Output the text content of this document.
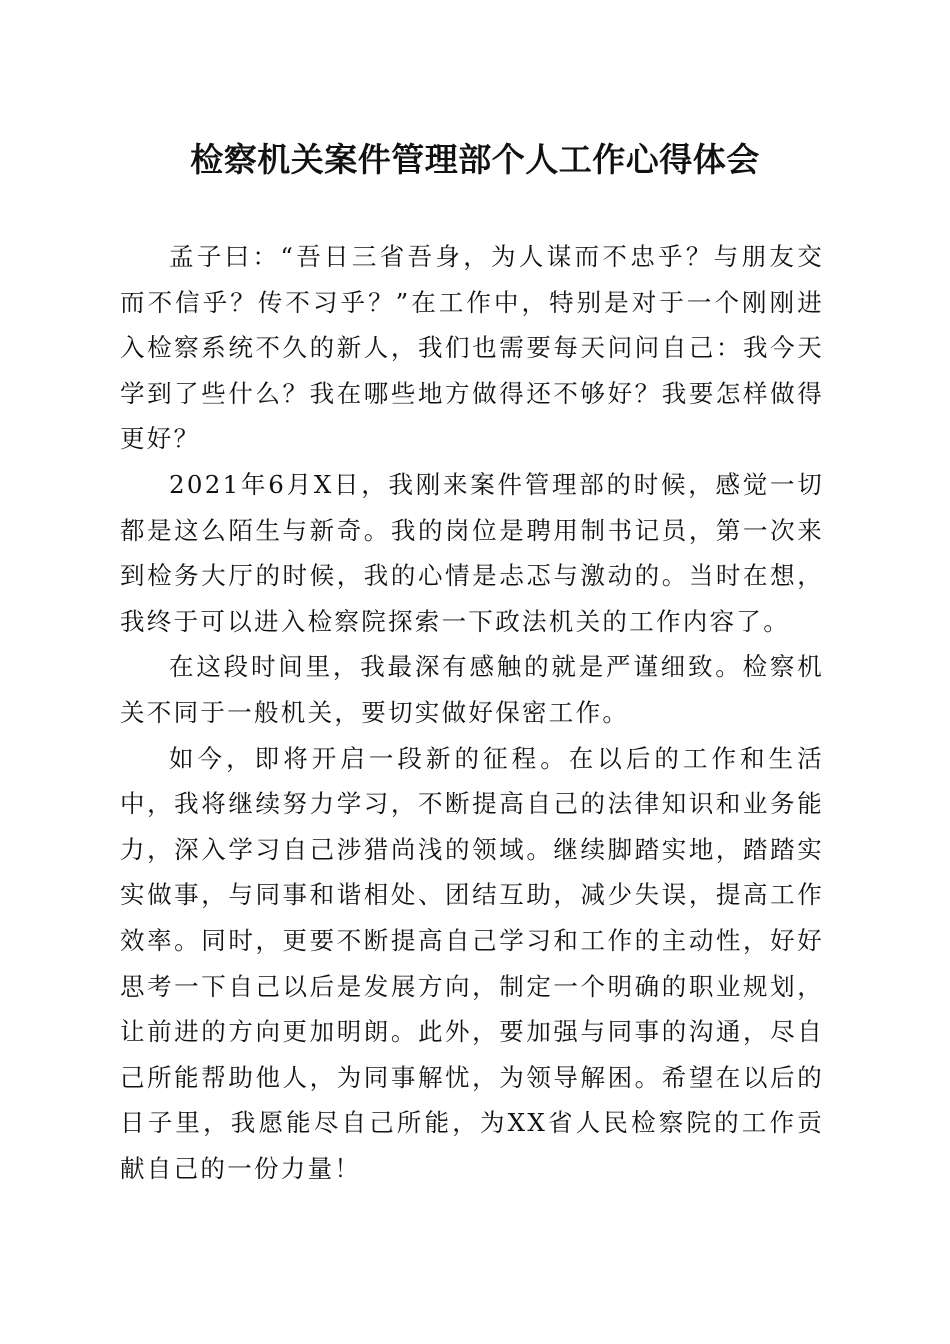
检察机关案件管理部个人工作心得体会

孟子曰：“吾日三省吾身，为人谋而不忠乎？与朋友交而不信乎？传不习乎？”在工作中，特别是对于一个刚刚进入检察系统不久的新人，我们也需要每天问问自己：我今天学到了些什么？我在哪些地方做得还不够好？我要怎样做得更好？

2021年6月X日，我刚来案件管理部的时候，感觉一切都是这么陌生与新奇。我的岗位是聘用制书记员，第一次来到检务大厅的时候，我的心情是忐忑与激动的。当时在想，我终于可以进入检察院探索一下政法机关的工作内容了。

在这段时间里，我最深有感触的就是严谨细致。检察机关不同于一般机关，要切实做好保密工作。

如今，即将开启一段新的征程。在以后的工作和生活中，我将继续努力学习，不断提高自己的法律知识和业务能力，深入学习自己涉猎尚浅的领域。继续脚踏实地，踏踏实实做事，与同事和谐相处、团结互助，减少失误，提高工作效率。同时，更要不断提高自己学习和工作的主动性，好好思考一下自己以后是发展方向，制定一个明确的职业规划，让前进的方向更加明朗。此外，要加强与同事的沟通，尽自己所能帮助他人，为同事解忧，为领导解困。希望在以后的日子里，我愿能尽自己所能，为XX省人民检察院的工作贡献自己的一份力量！
